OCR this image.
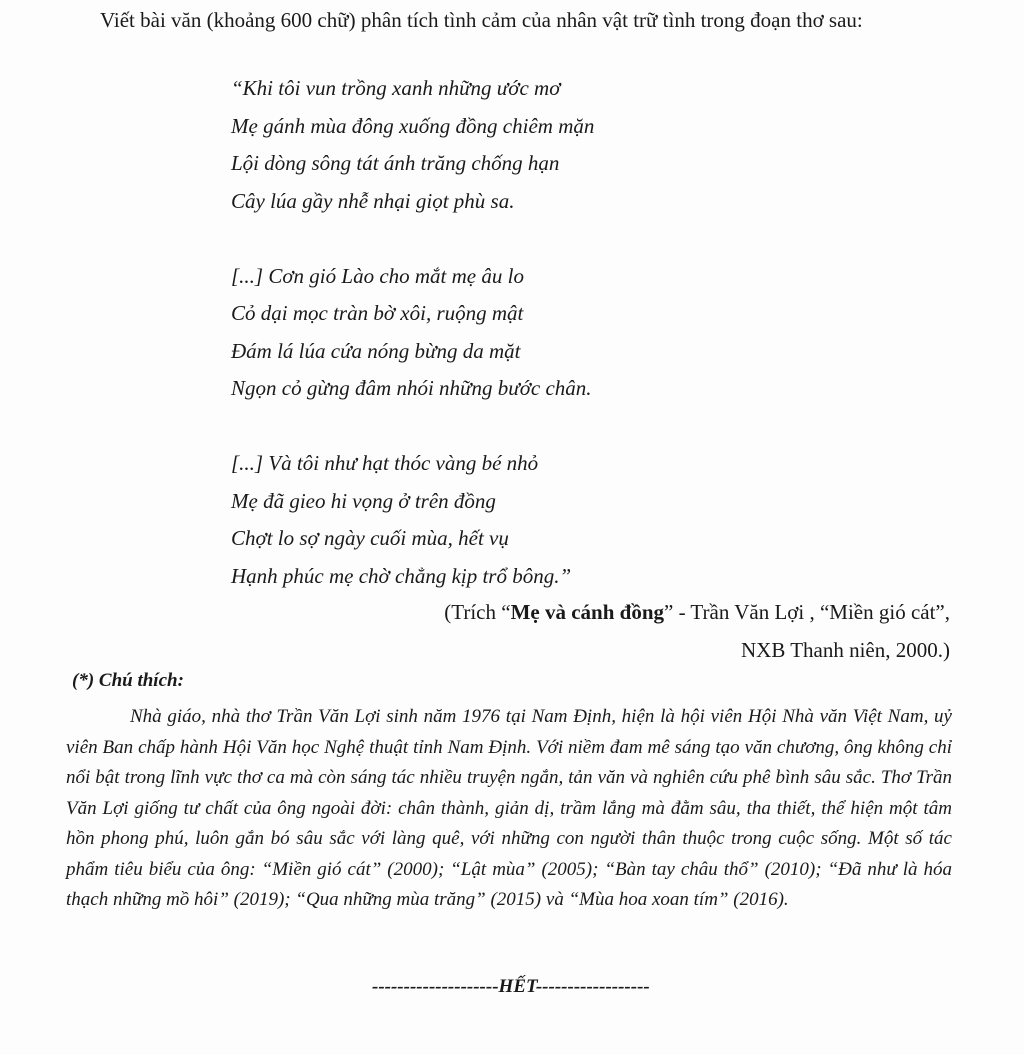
Viết bài văn (khoảng 600 chữ) phân tích tình cảm của nhân vật trữ tình trong đoạn thơ sau:

“Khi tôi vun trồng xanh những ước mơ
Mẹ gánh mùa đông xuống đồng chiêm mặn
Lội dòng sông tát ánh trăng chống hạn
Cây lúa gầy nhễ nhại giọt phù sa.
[...] Cơn gió Lào cho mắt mẹ âu lo
Cỏ dại mọc tràn bờ xôi, ruộng mật
Đám lá lúa cứa nóng bừng da mặt
Ngọn cỏ gừng đâm nhói những bước chân.
[...] Và tôi như hạt thóc vàng bé nhỏ
Mẹ đã gieo hi vọng ở trên đồng
Chợt lo sợ ngày cuối mùa, hết vụ
Hạnh phúc mẹ chờ chẳng kịp trổ bông.”
(Trích “Mẹ và cánh đồng” - Trần Văn Lợi , “Miền gió cát”,
NXB Thanh niên, 2000.)

(*) Chú thích:

Nhà giáo, nhà thơ Trần Văn Lợi sinh năm 1976 tại Nam Định, hiện là hội viên Hội Nhà văn Việt Nam, uỷ viên Ban chấp hành Hội Văn học Nghệ thuật tỉnh Nam Định. Với niềm đam mê sáng tạo văn chương, ông không chỉ nổi bật trong lĩnh vực thơ ca mà còn sáng tác nhiều truyện ngắn, tản văn và nghiên cứu phê bình sâu sắc. Thơ Trần Văn Lợi giống tư chất của ông ngoài đời: chân thành, giản dị, trầm lắng mà đằm sâu, tha thiết, thể hiện một tâm hồn phong phú, luôn gắn bó sâu sắc với làng quê, với những con người thân thuộc trong cuộc sống. Một số tác phẩm tiêu biểu của ông: “Miền gió cát” (2000); “Lật mùa” (2005); “Bàn tay châu thổ” (2010); “Đã như là hóa thạch những mồ hôi” (2019); “Qua những mùa trăng” (2015) và “Mùa hoa xoan tím” (2016).

--------------------HẾT------------------
